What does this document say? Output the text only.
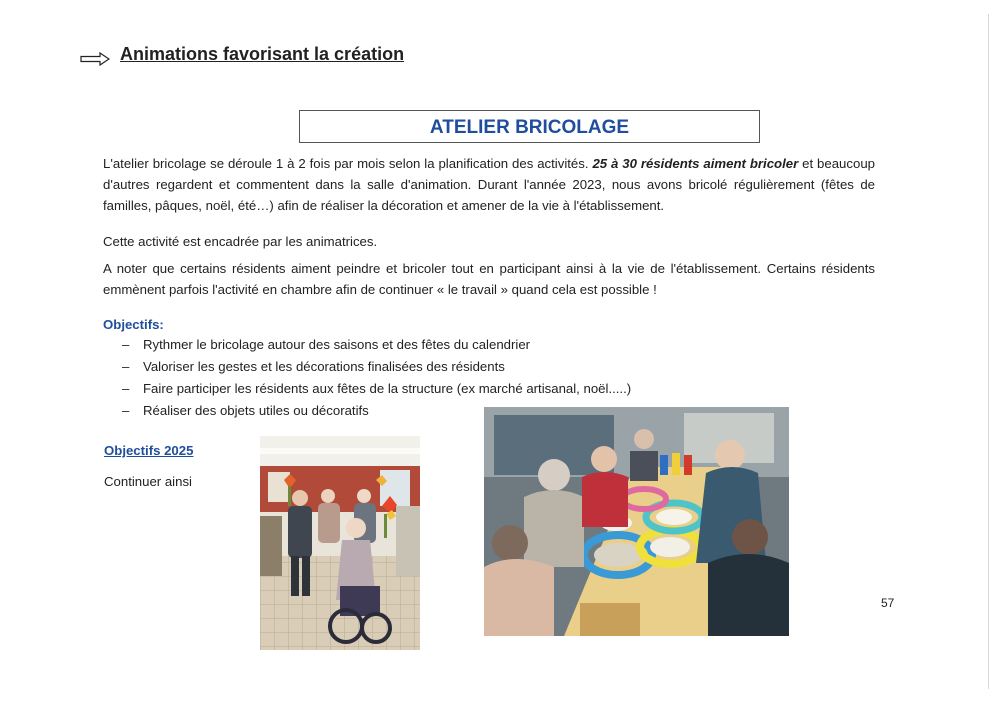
Animations favorisant la création
ATELIER BRICOLAGE
L'atelier bricolage se déroule 1 à 2 fois par mois selon la planification des activités. 25 à 30 résidents aiment bricoler et beaucoup d'autres regardent et commentent dans la salle d'animation. Durant l'année 2023, nous avons bricolé régulièrement (fêtes de familles, pâques, noël, été…) afin de réaliser la décoration et amener de la vie à l'établissement.
Cette activité est encadrée par les animatrices.
A noter que certains résidents aiment peindre et bricoler tout en participant ainsi à la vie de l'établissement. Certains résidents emmènent parfois l'activité en chambre afin de continuer « le travail » quand cela est possible !
Objectifs:
– Rythmer le bricolage autour des saisons et des fêtes du calendrier
– Valoriser les gestes et les décorations finalisées des résidents
– Faire participer les résidents aux fêtes de la structure (ex marché artisanal, noël.....)
– Réaliser des objets utiles ou décoratifs
Objectifs 2025
Continuer ainsi
57
